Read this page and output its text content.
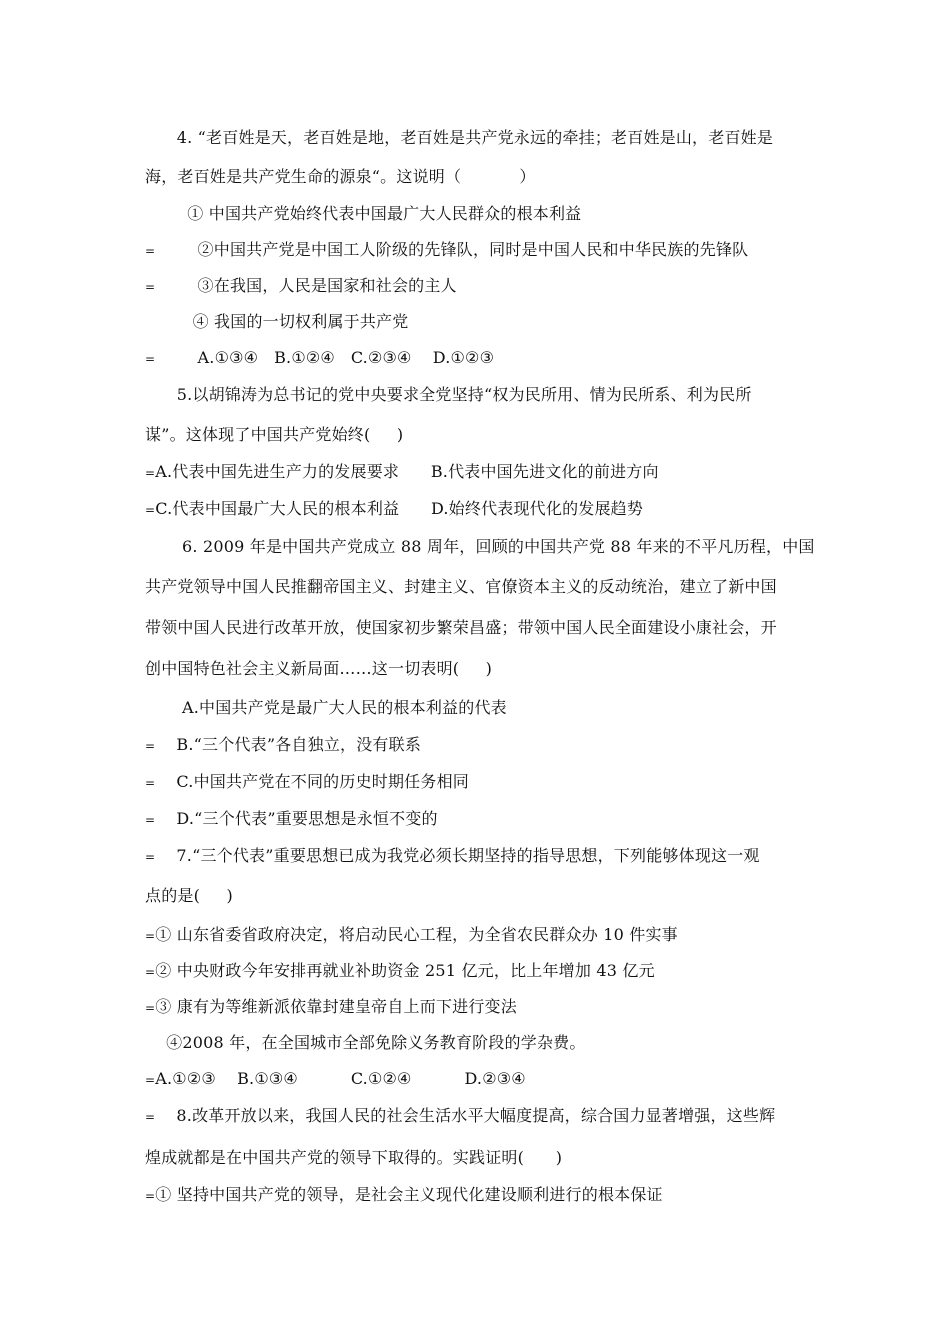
4. “老百姓是天，老百姓是地，老百姓是共产党永远的牵挂；老百姓是山，老百姓是
海，老百姓是共产党生命的源泉“。这说明（           ）
① 中国共产党始终代表中国最广大人民群众的根本利益
=        ②中国共产党是中国工人阶级的先锋队，同时是中国人民和中华民族的先锋队
=        ③在我国，人民是国家和社会的主人
④ 我国的一切权利属于共产党
=        A.①③④   B.①②④   C.②③④    D.①②③
5.以胡锦涛为总书记的党中央要求全党坚持“权为民所用、情为民所系、利为民所
谋”。这体现了中国共产党始终(     )
=A.代表中国先进生产力的发展要求      B.代表中国先进文化的前进方向
=C.代表中国最广大人民的根本利益      D.始终代表现代化的发展趋势
6. 2009 年是中国共产党成立 88 周年，回顾的中国共产党 88 年来的不平凡历程，中国
共产党领导中国人民推翻帝国主义、封建主义、官僚资本主义的反动统治，建立了新中国
带领中国人民进行改革开放，使国家初步繁荣昌盛；带领中国人民全面建设小康社会，开
创中国特色社会主义新局面……这一切表明(     )
A.中国共产党是最广大人民的根本利益的代表
=    B.“三个代表”各自独立，没有联系
=    C.中国共产党在不同的历史时期任务相同
=    D.“三个代表”重要思想是永恒不变的
=    7.“三个代表”重要思想已成为我党必须长期坚持的指导思想，下列能够体现这一观
点的是(     )
=① 山东省委省政府决定，将启动民心工程，为全省农民群众办 10 件实事
=② 中央财政今年安排再就业补助资金 251 亿元，比上年增加 43 亿元
=③ 康有为等维新派依靠封建皇帝自上而下进行变法
④2008 年，在全国城市全部免除义务教育阶段的学杂费。
=A.①②③    B.①③④          C.①②④          D.②③④
=    8.改革开放以来，我国人民的社会生活水平大幅度提高，综合国力显著增强，这些辉
煌成就都是在中国共产党的领导下取得的。实践证明(      )
=① 坚持中国共产党的领导，是社会主义现代化建设顺利进行的根本保证
